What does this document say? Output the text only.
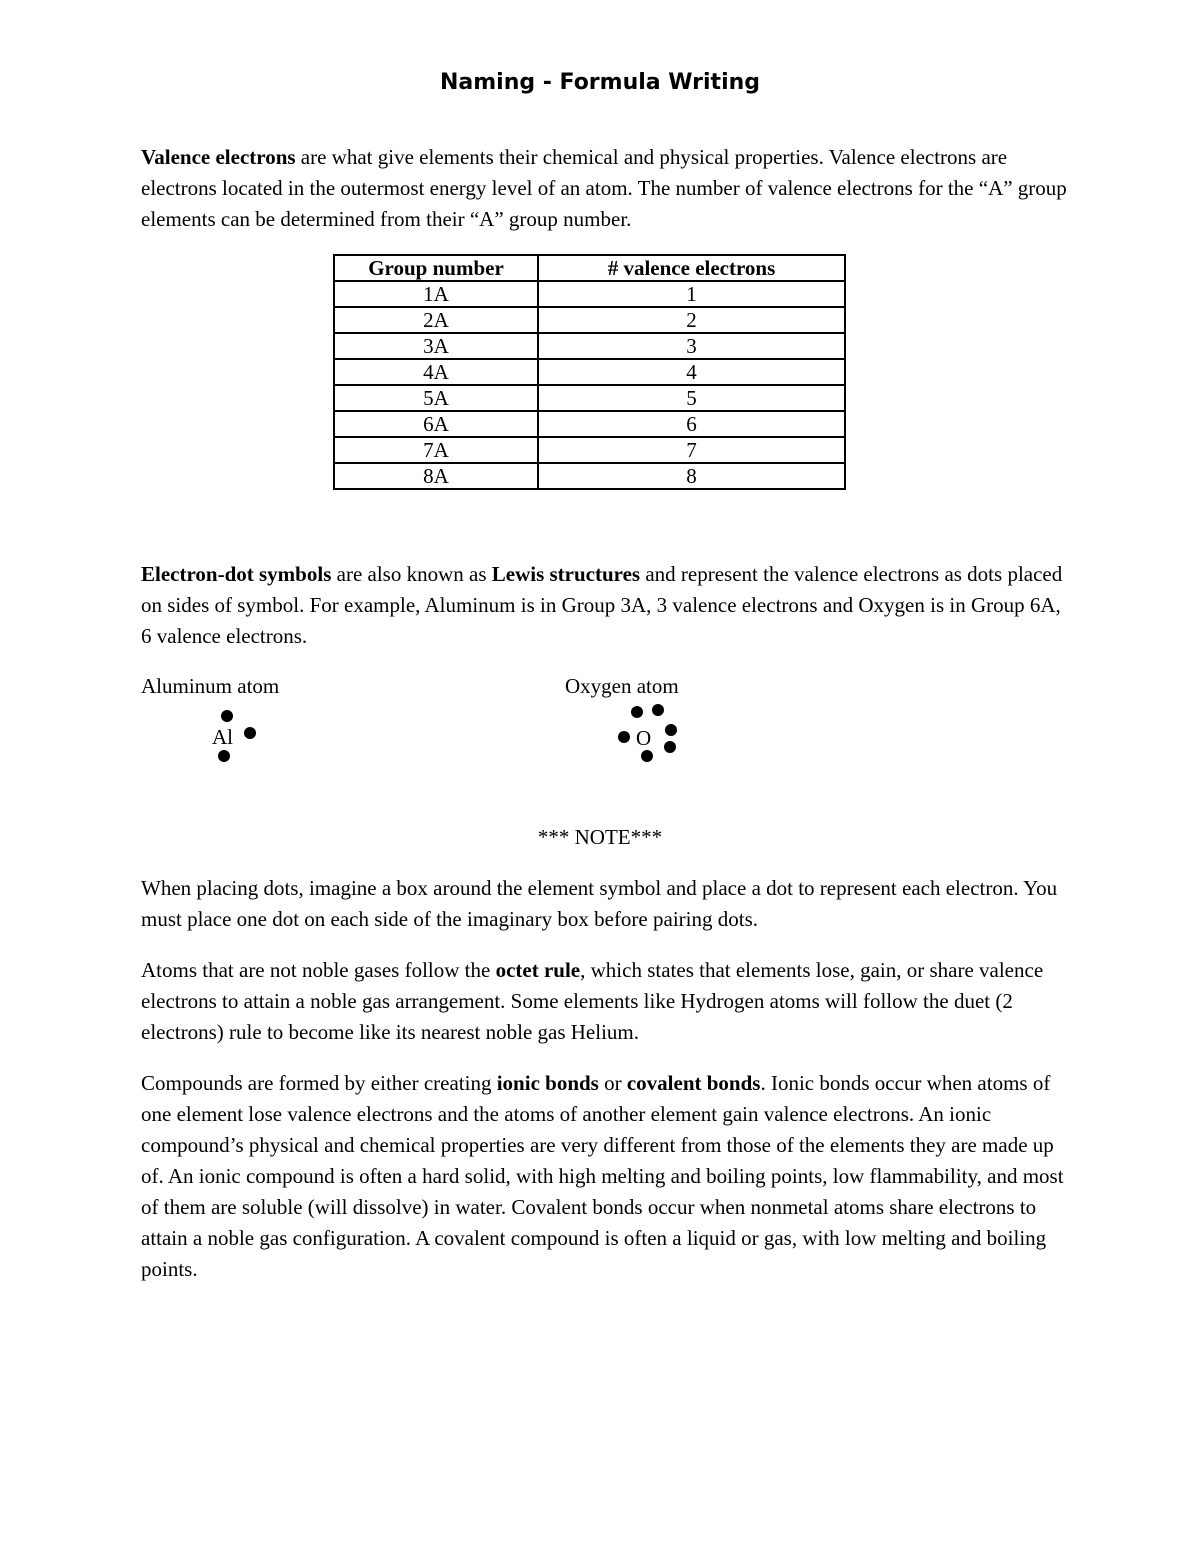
Naming - Formula Writing

Valence electrons are what give elements their chemical and physical properties. Valence electrons are electrons located in the outermost energy level of an atom. The number of valence electrons for the “A” group elements can be determined from their “A” group number.

Group number	# valence electrons
1A	1
2A	2
3A	3
4A	4
5A	5
6A	6
7A	7
8A	8

Electron-dot symbols are also known as Lewis structures and represent the valence electrons as dots placed on sides of symbol. For example, Aluminum is in Group 3A, 3 valence electrons and Oxygen is in Group 6A, 6 valence electrons.

Aluminum atom	Oxygen atom
Al	O
*** NOTE***

When placing dots, imagine a box around the element symbol and place a dot to represent each electron. You must place one dot on each side of the imaginary box before pairing dots.

Atoms that are not noble gases follow the octet rule, which states that elements lose, gain, or share valence electrons to attain a noble gas arrangement. Some elements like Hydrogen atoms will follow the duet (2 electrons) rule to become like its nearest noble gas Helium.

Compounds are formed by either creating ionic bonds or covalent bonds. Ionic bonds occur when atoms of one element lose valence electrons and the atoms of another element gain valence electrons. An ionic compound’s physical and chemical properties are very different from those of the elements they are made up of. An ionic compound is often a hard solid, with high melting and boiling points, low flammability, and most of them are soluble (will dissolve) in water. Covalent bonds occur when nonmetal atoms share electrons to attain a noble gas configuration. A covalent compound is often a liquid or gas, with low melting and boiling points.
